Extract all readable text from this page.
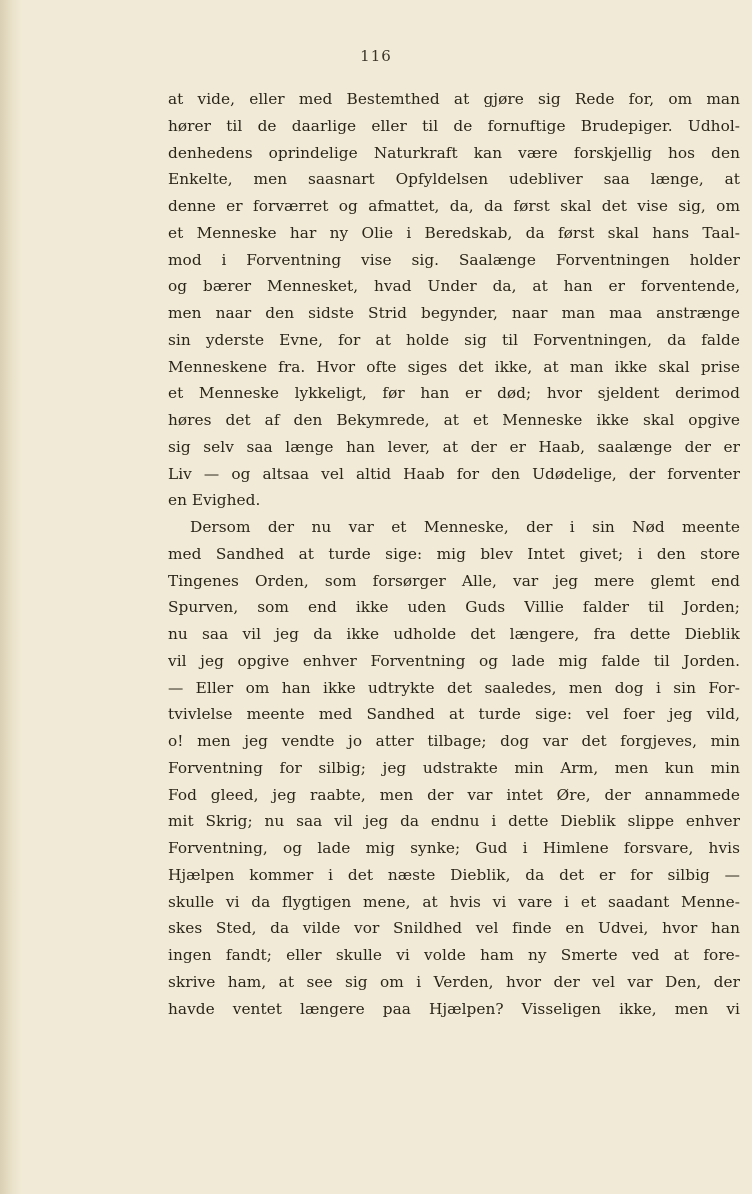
116
at vide, eller med Bestemthed at gjøre sig Rede for, om man
hører til de daarlige eller til de fornuftige Brudepiger. Udhol-
denhedens oprindelige Naturkraft kan være forskjellig hos den
Enkelte, men saasnart Opfyldelsen udebliver saa længe, at
denne er forværret og afmattet, da, da først skal det vise sig, om
et Menneske har ny Olie i Beredskab, da først skal hans Taal-
mod i Forventning vise sig. Saalænge Forventningen holder
og bærer Mennesket, hvad Under da, at han er forventende,
men naar den sidste Strid begynder, naar man maa anstrænge
sin yderste Evne, for at holde sig til Forventningen, da falde
Menneskene fra. Hvor ofte siges det ikke, at man ikke skal prise
et Menneske lykkeligt, før han er død; hvor sjeldent derimod
høres det af den Bekymrede, at et Menneske ikke skal opgive
sig selv saa længe han lever, at der er Haab, saalænge der er
Liv — og altsaa vel altid Haab for den Udødelige, der forventer
en Evighed.
Dersom der nu var et Menneske, der i sin Nød meente
med Sandhed at turde sige: mig blev Intet givet; i den store
Tingenes Orden, som forsørger Alle, var jeg mere glemt end
Spurven, som end ikke uden Guds Villie falder til Jorden;
nu saa vil jeg da ikke udholde det længere, fra dette Dieblik
vil jeg opgive enhver Forventning og lade mig falde til Jorden.
— Eller om han ikke udtrykte det saaledes, men dog i sin For-
tvivlelse meente med Sandhed at turde sige: vel foer jeg vild,
o! men jeg vendte jo atter tilbage; dog var det forgjeves, min
Forventning for silbig; jeg udstrakte min Arm, men kun min
Fod gleed, jeg raabte, men der var intet Øre, der annammede
mit Skrig; nu saa vil jeg da endnu i dette Dieblik slippe enhver
Forventning, og lade mig synke; Gud i Himlene forsvare, hvis
Hjælpen kommer i det næste Dieblik, da det er for silbig —
skulle vi da flygtigen mene, at hvis vi vare i et saadant Menne-
skes Sted, da vilde vor Snildhed vel finde en Udvei, hvor han
ingen fandt; eller skulle vi volde ham ny Smerte ved at fore-
skrive ham, at see sig om i Verden, hvor der vel var Den, der
havde ventet længere paa Hjælpen? Visseligen ikke, men vi
